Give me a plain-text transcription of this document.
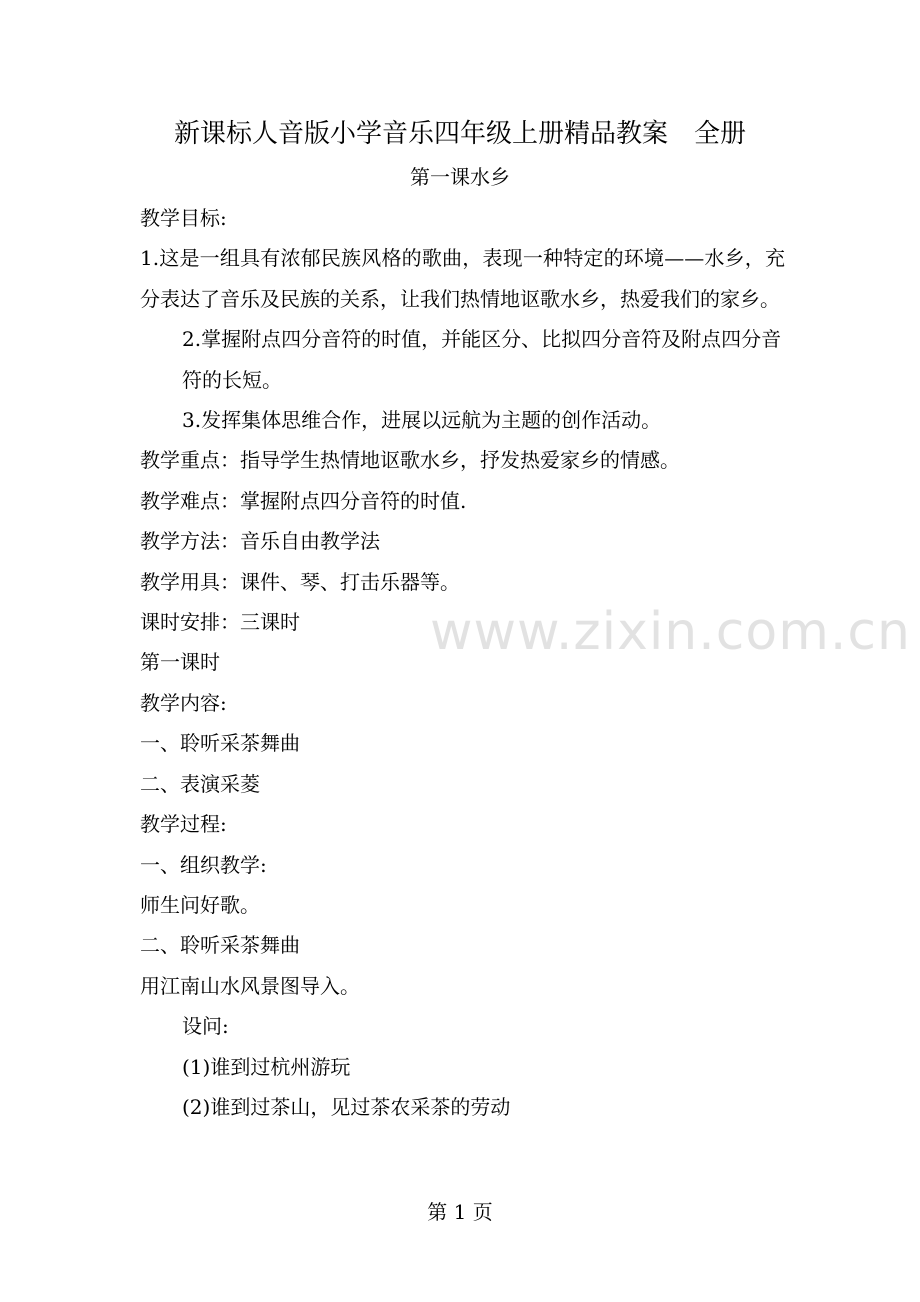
新课标人音版小学音乐四年级上册精品教案　全册
第一课水乡
www.zixin.com.cn

教学目标:

1.这是一组具有浓郁民族风格的歌曲，表现一种特定的环境——水乡，充分表达了音乐及民族的关系，让我们热情地讴歌水乡，热爱我们的家乡。

2.掌握附点四分音符的时值，并能区分、比拟四分音符及附点四分音符的长短。

3.发挥集体思维合作，进展以远航为主题的创作活动。

教学重点：指导学生热情地讴歌水乡，抒发热爱家乡的情感。

教学难点：掌握附点四分音符的时值.

教学方法：音乐自由教学法

教学用具：课件、琴、打击乐器等。

课时安排：三课时

第一课时

教学内容:

一、聆听采茶舞曲

二、表演采菱

教学过程:

一、组织教学:

师生问好歌。

二、聆听采茶舞曲

用江南山水风景图导入。

设问:

(1)谁到过杭州游玩

(2)谁到过茶山，见过茶农采茶的劳动

第 1 页
